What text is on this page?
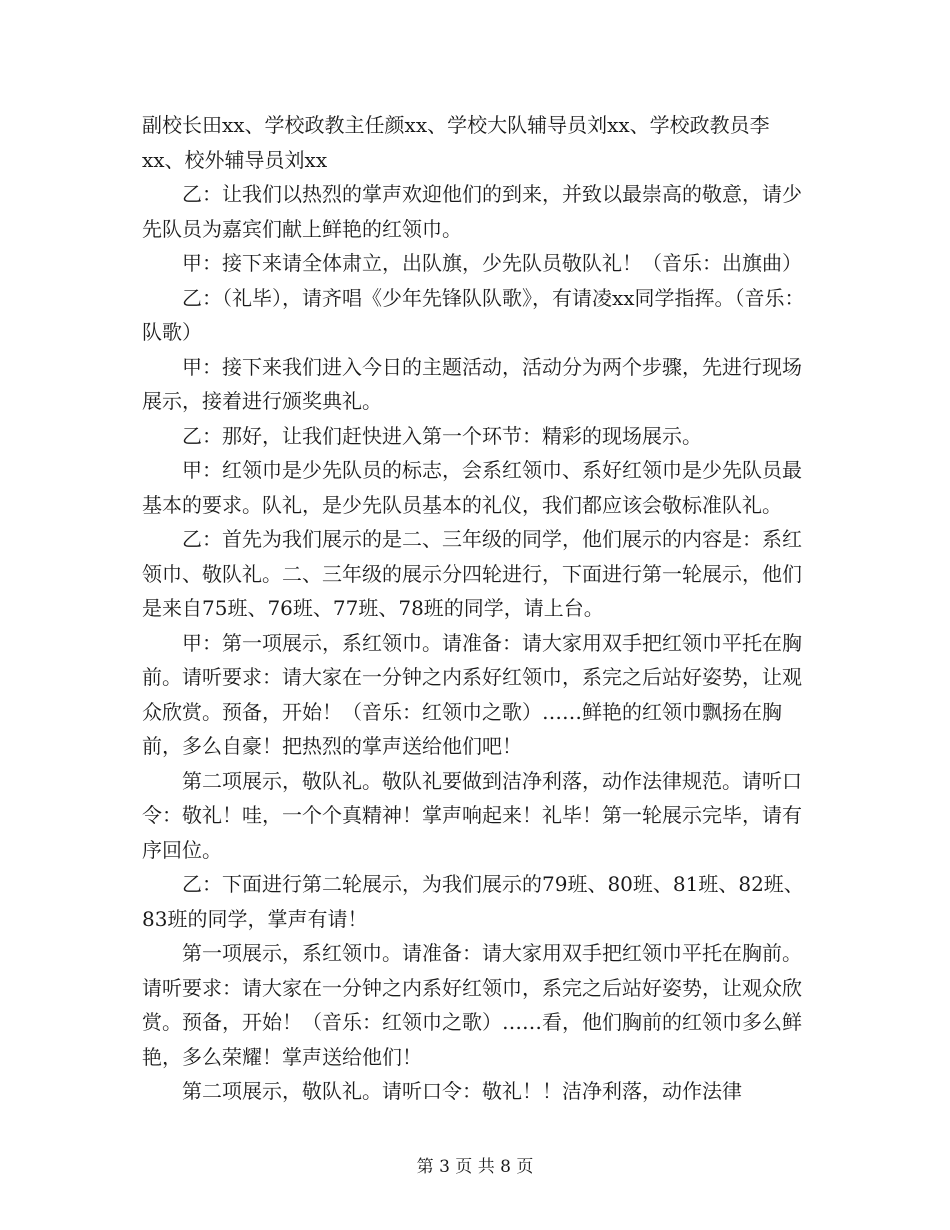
副校长田xx、学校政教主任颜xx、学校大队辅导员刘xx、学校政教员李xx、校外辅导员刘xx

乙：让我们以热烈的掌声欢迎他们的到来，并致以最崇高的敬意，请少先队员为嘉宾们献上鲜艳的红领巾。

甲：接下来请全体肃立，出队旗，少先队员敬队礼！（音乐：出旗曲）

乙：（礼毕），请齐唱《少年先锋队队歌》，有请凌xx同学指挥。（音乐：队歌）

甲：接下来我们进入今日的主题活动，活动分为两个步骤，先进行现场展示，接着进行颁奖典礼。

乙：那好，让我们赶快进入第一个环节：精彩的现场展示。

甲：红领巾是少先队员的标志，会系红领巾、系好红领巾是少先队员最基本的要求。队礼，是少先队员基本的礼仪，我们都应该会敬标准队礼。

乙：首先为我们展示的是二、三年级的同学，他们展示的内容是：系红领巾、敬队礼。二、三年级的展示分四轮进行，下面进行第一轮展示，他们是来自75班、76班、77班、78班的同学，请上台。

甲：第一项展示，系红领巾。请准备：请大家用双手把红领巾平托在胸前。请听要求：请大家在一分钟之内系好红领巾，系完之后站好姿势，让观众欣赏。预备，开始！（音乐：红领巾之歌）……鲜艳的红领巾飘扬在胸前，多么自豪！把热烈的掌声送给他们吧！

第二项展示，敬队礼。敬队礼要做到洁净利落，动作法律规范。请听口令：敬礼！哇，一个个真精神！掌声响起来！礼毕！第一轮展示完毕，请有序回位。

乙：下面进行第二轮展示，为我们展示的79班、80班、81班、82班、83班的同学，掌声有请！

第一项展示，系红领巾。请准备：请大家用双手把红领巾平托在胸前。请听要求：请大家在一分钟之内系好红领巾，系完之后站好姿势，让观众欣赏。预备，开始！（音乐：红领巾之歌）……看，他们胸前的红领巾多么鲜艳，多么荣耀！掌声送给他们！

第二项展示，敬队礼。请听口令：敬礼！！洁净利落，动作法律

第 3 页 共 8 页
